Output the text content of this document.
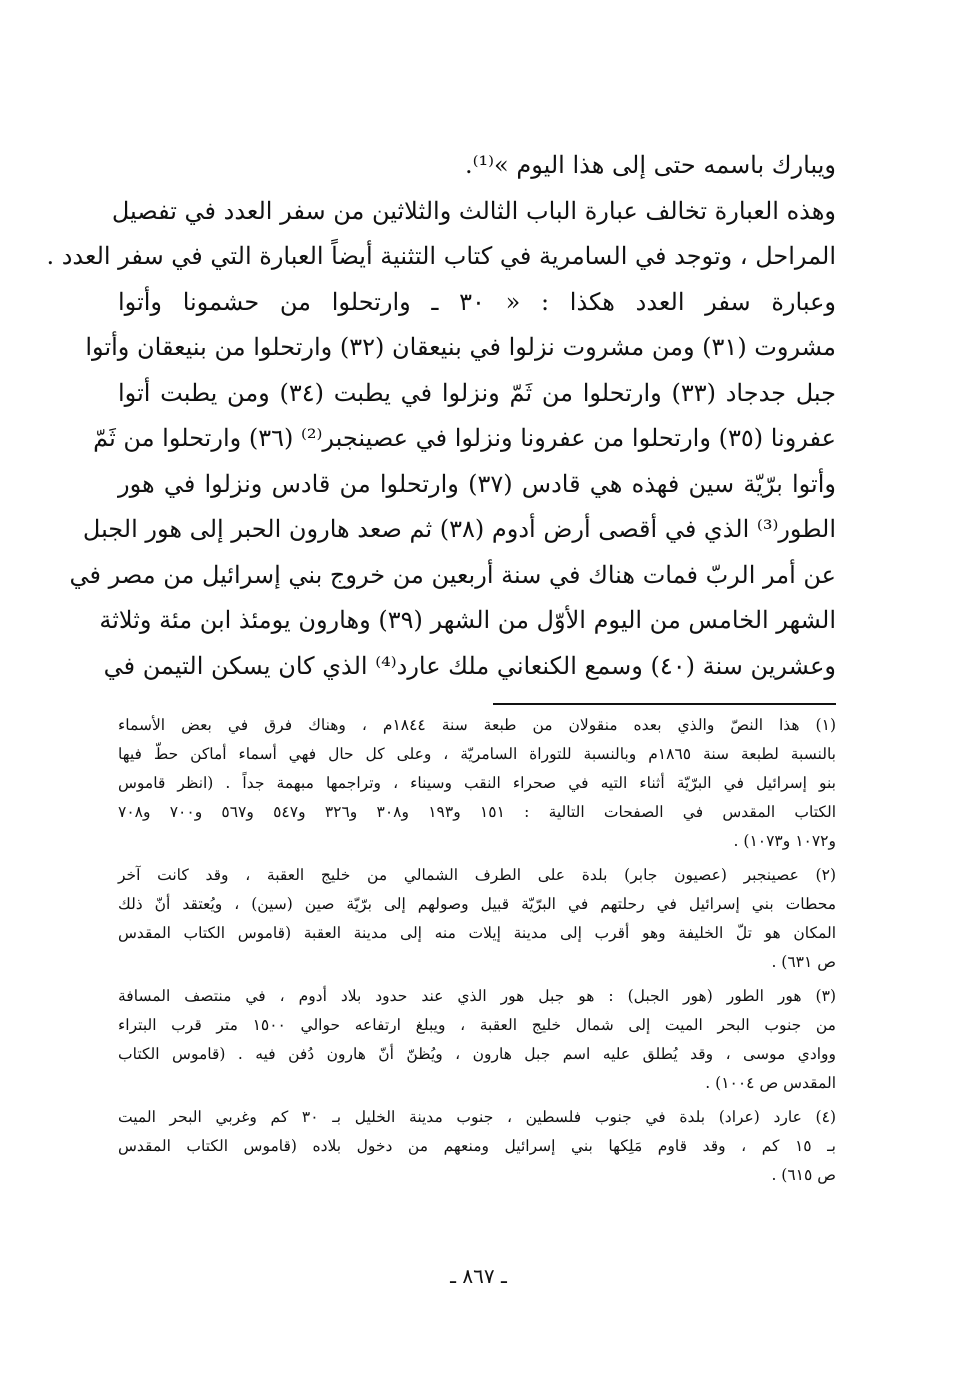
ويبارك باسمه حتى إلى هذا اليوم »⁽¹⁾.
وهذه العبارة تخالف عبارة الباب الثالث والثلاثين من سفر العدد في تفصيل
المراحل ، وتوجد في السامرية في كتاب التثنية أيضاً العبارة التي في سفر العدد .
وعبارة سفر العدد هكذا : « ٣٠ ـ وارتحلوا من حشمونا وأتوا
مشروت (٣١) ومن مشروت نزلوا في بنيعقان (٣٢) وارتحلوا من بنيعقان وأتوا
جبل جدجاد (٣٣) وارتحلوا من ثَمّ ونزلوا في يطبت (٣٤) ومن يطبت أتوا
عفرونا (٣٥) وارتحلوا من عفرونا ونزلوا في عصينجبر⁽²⁾ (٣٦) وارتحلوا من ثَمّ
وأتوا برّيّة سين فهذه هي قادس (٣٧) وارتحلوا من قادس ونزلوا في هور
الطور⁽³⁾ الذي في أقصى أرض أدوم (٣٨) ثم صعد هارون الحبر إلى هور الجبل
عن أمر الربّ فمات هناك في سنة أربعين من خروج بني إسرائيل من مصر في
الشهر الخامس من اليوم الأوّل من الشهر (٣٩) وهارون يومئذ ابن مئة وثلاثة
وعشرين سنة (٤٠) وسمع الكنعاني ملك عارد⁽⁴⁾ الذي كان يسكن التيمن في
(١) هذا النصّ والذي بعده منقولان من طبعة سنة ١٨٤٤م ، وهناك فرق في بعض الأسماء
بالنسبة لطبعة سنة ١٨٦٥م وبالنسبة للتوراة السامريّة ، وعلى كل حال فهي أسماء أماكن حطّ فيها
بنو إسرائيل في البرّيّة أثناء التيه في صحراء النقب وسيناء ، وتراجمها مبهمة جداً . (انظر قاموس
الكتاب المقدس في الصفحات التالية : ١٥١ و١٩٣ و٣٠٨ و٣٢٦ و٥٤٧ و٥٦٧ و٧٠٠ و٧٠٨
و١٠٧٢ و١٠٧٣) .
(٢) عصينجبر (عصيون جابر) بلدة على الطرف الشمالي من خليج العقبة ، وقد كانت آخر
محطات بني إسرائيل في رحلتهم في البرّيّة قبيل وصولهم إلى برّيّة صين (سين) ، ويُعتقد أنّ ذلك
المكان هو تلّ الخليفة وهو أقرب إلى مدينة إيلات منه إلى مدينة العقبة (قاموس الكتاب المقدس
ص ٦٣١) .
(٣) هور الطور (هور الجبل) : هو جبل هور الذي عند حدود بلاد أدوم ، في منتصف المسافة
من جنوب البحر الميت إلى شمال خليج العقبة ، ويبلغ ارتفاعه حوالي ١٥٠٠ متر قرب البتراء
ووادي موسى ، وقد يُطلق عليه اسم جبل هارون ، ويُظنّ أنّ هارون دُفن فيه . (قاموس الكتاب
المقدس ص ١٠٠٤) .
(٤) عارد (عراد) بلدة في جنوب فلسطين ، جنوب مدينة الخليل بـ ٣٠ كم وغربي البحر الميت
بـ ١٥ كم ، وقد قاوم مَلِكها بني إسرائيل ومنعهم من دخول بلاده (قاموس الكتاب المقدس
ص ٦١٥) .
ـ ٨٦٧ ـ
